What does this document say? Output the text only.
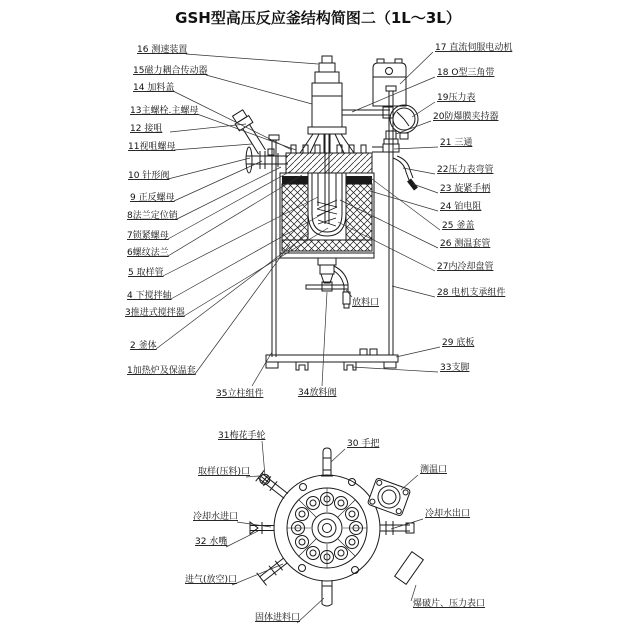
GSH型高压反应釜结构简图二（1L～3L）
16 测速装置
15磁力耦合传动器
14 加料盖
13主螺栓.主螺母
12 接咀
11视咀螺母
10 针形阀
9 正反螺母
8法兰定位销
7锁紧螺母
6螺纹法兰
5 取样管
4 下搅拌轴
3推进式搅拌器
2 釜体
1加热炉及保温套
35立柱组件	34放料阀
17 直流伺服电动机
18 O型三角带
19压力表
20防爆膜夹持器
21 三通
22压力表弯管
23 旋紧手柄
24 铂电阻
25 釜盖
26 测温套管
27内冷却盘管
28 电机支承组件
29 底板
33支脚
放料口
31梅花手轮
30 手把
取样(压料)口	测温口
冷却水进口
32 水嘴
冷却水出口
进气(放空)口
爆破片、压力表口
固体进料口
